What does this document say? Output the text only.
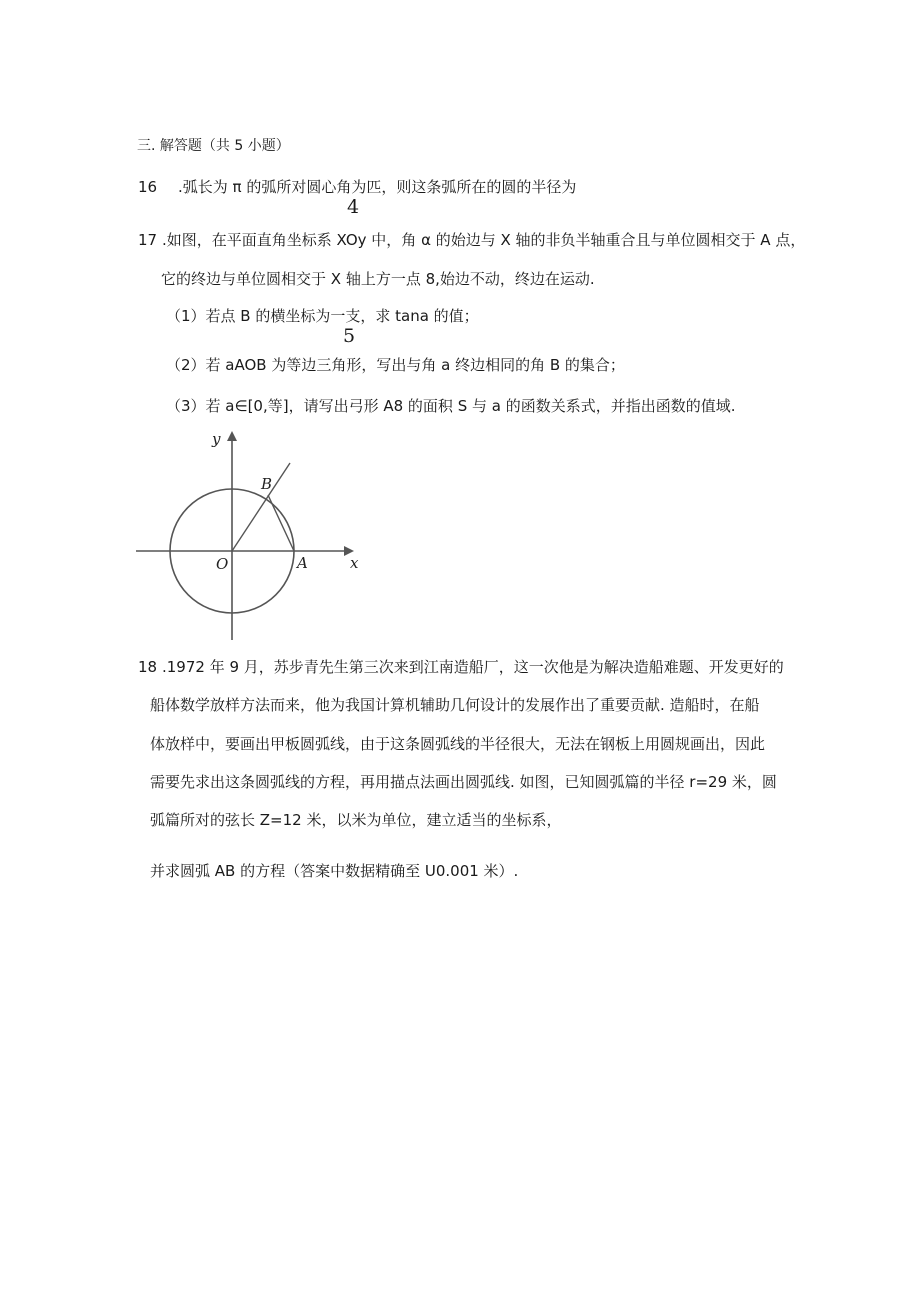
三. 解答题（共 5 小题）
16 .弧长为 π 的弧所对圆心角为匹，则这条弧所在的圆的半径为
4
17 .如图，在平面直角坐标系 XOy 中，角 α 的始边与 X 轴的非负半轴重合且与单位圆相交于 A 点，
它的终边与单位圆相交于 X 轴上方一点 8,始边不动，终边在运动.
（1）若点 B 的横坐标为一支，求 tana 的值；
5
（2）若 aAOB 为等边三角形，写出与角 a 终边相同的角 B 的集合；
（3）若 a∈[0,等]，请写出弓形 A8 的面积 S 与 a 的函数关系式，并指出函数的值域.
y
x
O	A
B
18 .1972 年 9 月，苏步青先生第三次来到江南造船厂，这一次他是为解决造船难题、开发更好的
船体数学放样方法而来，他为我国计算机辅助几何设计的发展作出了重要贡献. 造船时，在船
体放样中，要画出甲板圆弧线，由于这条圆弧线的半径很大，无法在钢板上用圆规画出，因此
需要先求出这条圆弧线的方程，再用描点法画出圆弧线. 如图，已知圆弧篇的半径 r=29 米，圆
弧篇所对的弦长 Z=12 米，以米为单位，建立适当的坐标系，
并求圆弧 AB 的方程（答案中数据精确至 U0.001 米）.
